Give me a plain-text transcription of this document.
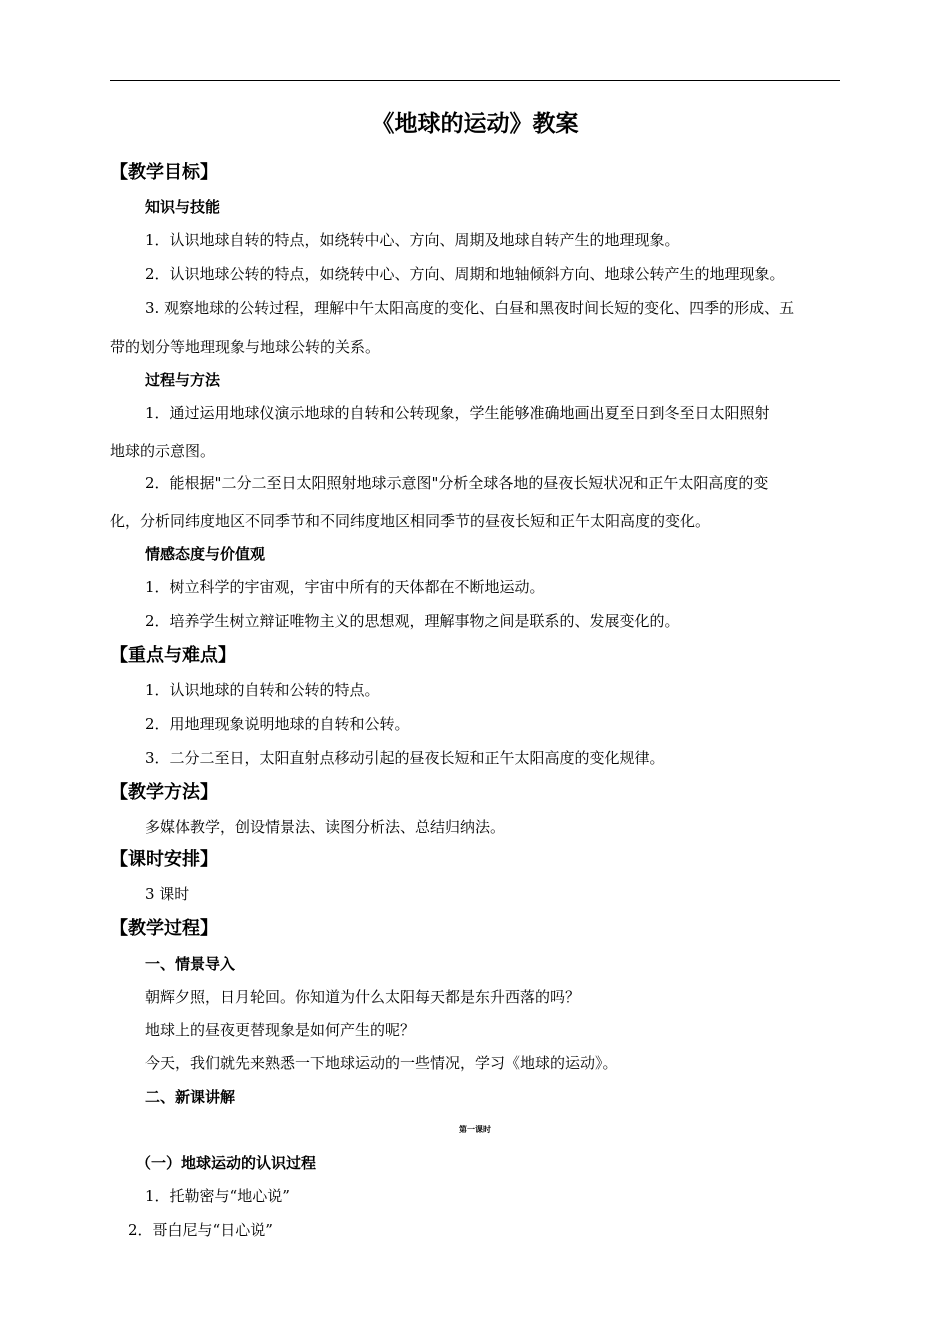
《地球的运动》教案
【教学目标】
知识与技能
1．认识地球自转的特点，如绕转中心、方向、周期及地球自转产生的地理现象。
2．认识地球公转的特点，如绕转中心、方向、周期和地轴倾斜方向、地球公转产生的地理现象。
3. 观察地球的公转过程，理解中午太阳高度的变化、白昼和黑夜时间长短的变化、四季的形成、五
带的划分等地理现象与地球公转的关系。
过程与方法
1．通过运用地球仪演示地球的自转和公转现象，学生能够准确地画出夏至日到冬至日太阳照射
地球的示意图。
2．能根据"二分二至日太阳照射地球示意图"分析全球各地的昼夜长短状况和正午太阳高度的变
化，分析同纬度地区不同季节和不同纬度地区相同季节的昼夜长短和正午太阳高度的变化。
情感态度与价值观
1．树立科学的宇宙观，宇宙中所有的天体都在不断地运动。
2．培养学生树立辩证唯物主义的思想观，理解事物之间是联系的、发展变化的。
【重点与难点】
1．认识地球的自转和公转的特点。
2．用地理现象说明地球的自转和公转。
3．二分二至日，太阳直射点移动引起的昼夜长短和正午太阳高度的变化规律。
【教学方法】
多媒体教学，创设情景法、读图分析法、总结归纳法。
【课时安排】
3 课时
【教学过程】
一、情景导入
朝辉夕照，日月轮回。你知道为什么太阳每天都是东升西落的吗？
地球上的昼夜更替现象是如何产生的呢？
今天，我们就先来熟悉一下地球运动的一些情况，学习《地球的运动》。
二、新课讲解
第一课时
（一）地球运动的认识过程
1．托勒密与“地心说”
2．哥白尼与“日心说”
